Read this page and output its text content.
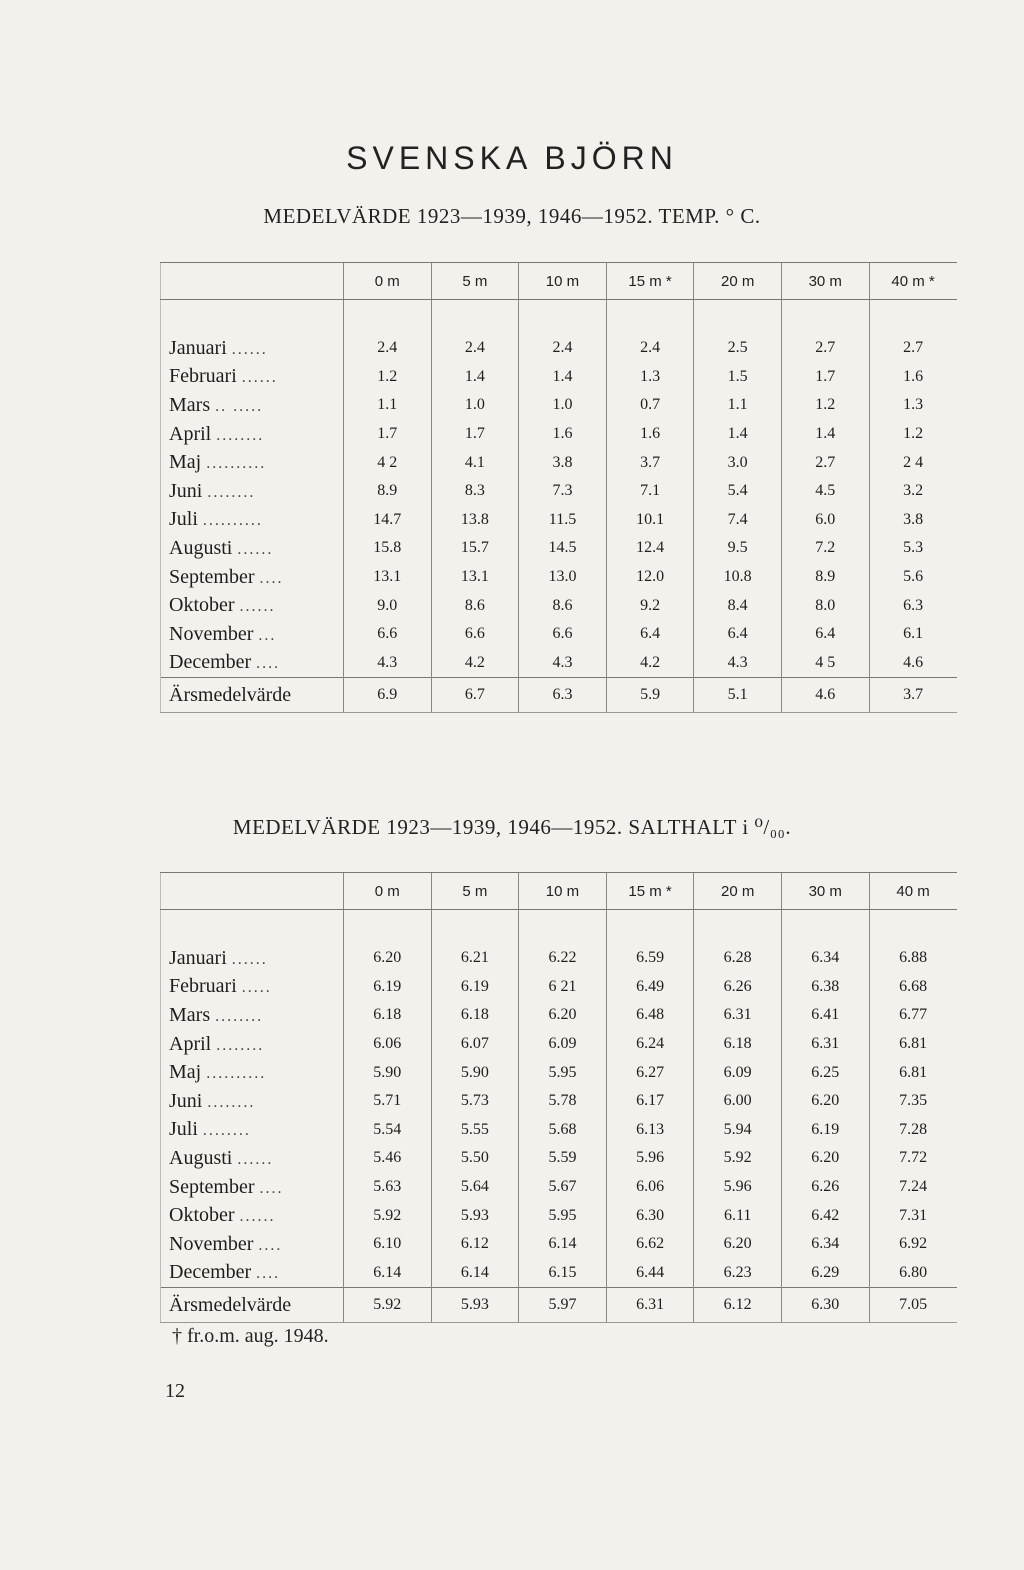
SVENSKA BJÖRN
MEDELVÄRDE 1923—1939, 1946—1952. TEMP. ° C.
	0 m	5 m	10 m	15 m *	20 m	30 m	40 m *

Januari ......	2.4	2.4	2.4	2.4	2.5	2.7	2.7
Februari ......	1.2	1.4	1.4	1.3	1.5	1.7	1.6
Mars .. .....	1.1	1.0	1.0	0.7	1.1	1.2	1.3
April ........	1.7	1.7	1.6	1.6	1.4	1.4	1.2
Maj ..........	4 2	4.1	3.8	3.7	3.0	2.7	2 4
Juni ........	8.9	8.3	7.3	7.1	5.4	4.5	3.2
Juli ..........	14.7	13.8	11.5	10.1	7.4	6.0	3.8
Augusti ......	15.8	15.7	14.5	12.4	9.5	7.2	5.3
September ....	13.1	13.1	13.0	12.0	10.8	8.9	5.6
Oktober ......	9.0	8.6	8.6	9.2	8.4	8.0	6.3
November ...	6.6	6.6	6.6	6.4	6.4	6.4	6.1
December ....	4.3	4.2	4.3	4.2	4.3	4 5	4.6
Ärsmedelvärde	6.9	6.7	6.3	5.9	5.1	4.6	3.7
MEDELVÄRDE 1923—1939, 1946—1952. SALTHALT i ⁰/₀₀.
	0 m	5 m	10 m	15 m *	20 m	30 m	40 m

Januari ......	6.20	6.21	6.22	6.59	6.28	6.34	6.88
Februari .....	6.19	6.19	6 21	6.49	6.26	6.38	6.68
Mars ........	6.18	6.18	6.20	6.48	6.31	6.41	6.77
April ........	6.06	6.07	6.09	6.24	6.18	6.31	6.81
Maj ..........	5.90	5.90	5.95	6.27	6.09	6.25	6.81
Juni ........	5.71	5.73	5.78	6.17	6.00	6.20	7.35
Juli ........	5.54	5.55	5.68	6.13	5.94	6.19	7.28
Augusti ......	5.46	5.50	5.59	5.96	5.92	6.20	7.72
September ....	5.63	5.64	5.67	6.06	5.96	6.26	7.24
Oktober ......	5.92	5.93	5.95	6.30	6.11	6.42	7.31
November ....	6.10	6.12	6.14	6.62	6.20	6.34	6.92
December ....	6.14	6.14	6.15	6.44	6.23	6.29	6.80
Ärsmedelvärde	5.92	5.93	5.97	6.31	6.12	6.30	7.05
† fr.o.m. aug. 1948.
12
